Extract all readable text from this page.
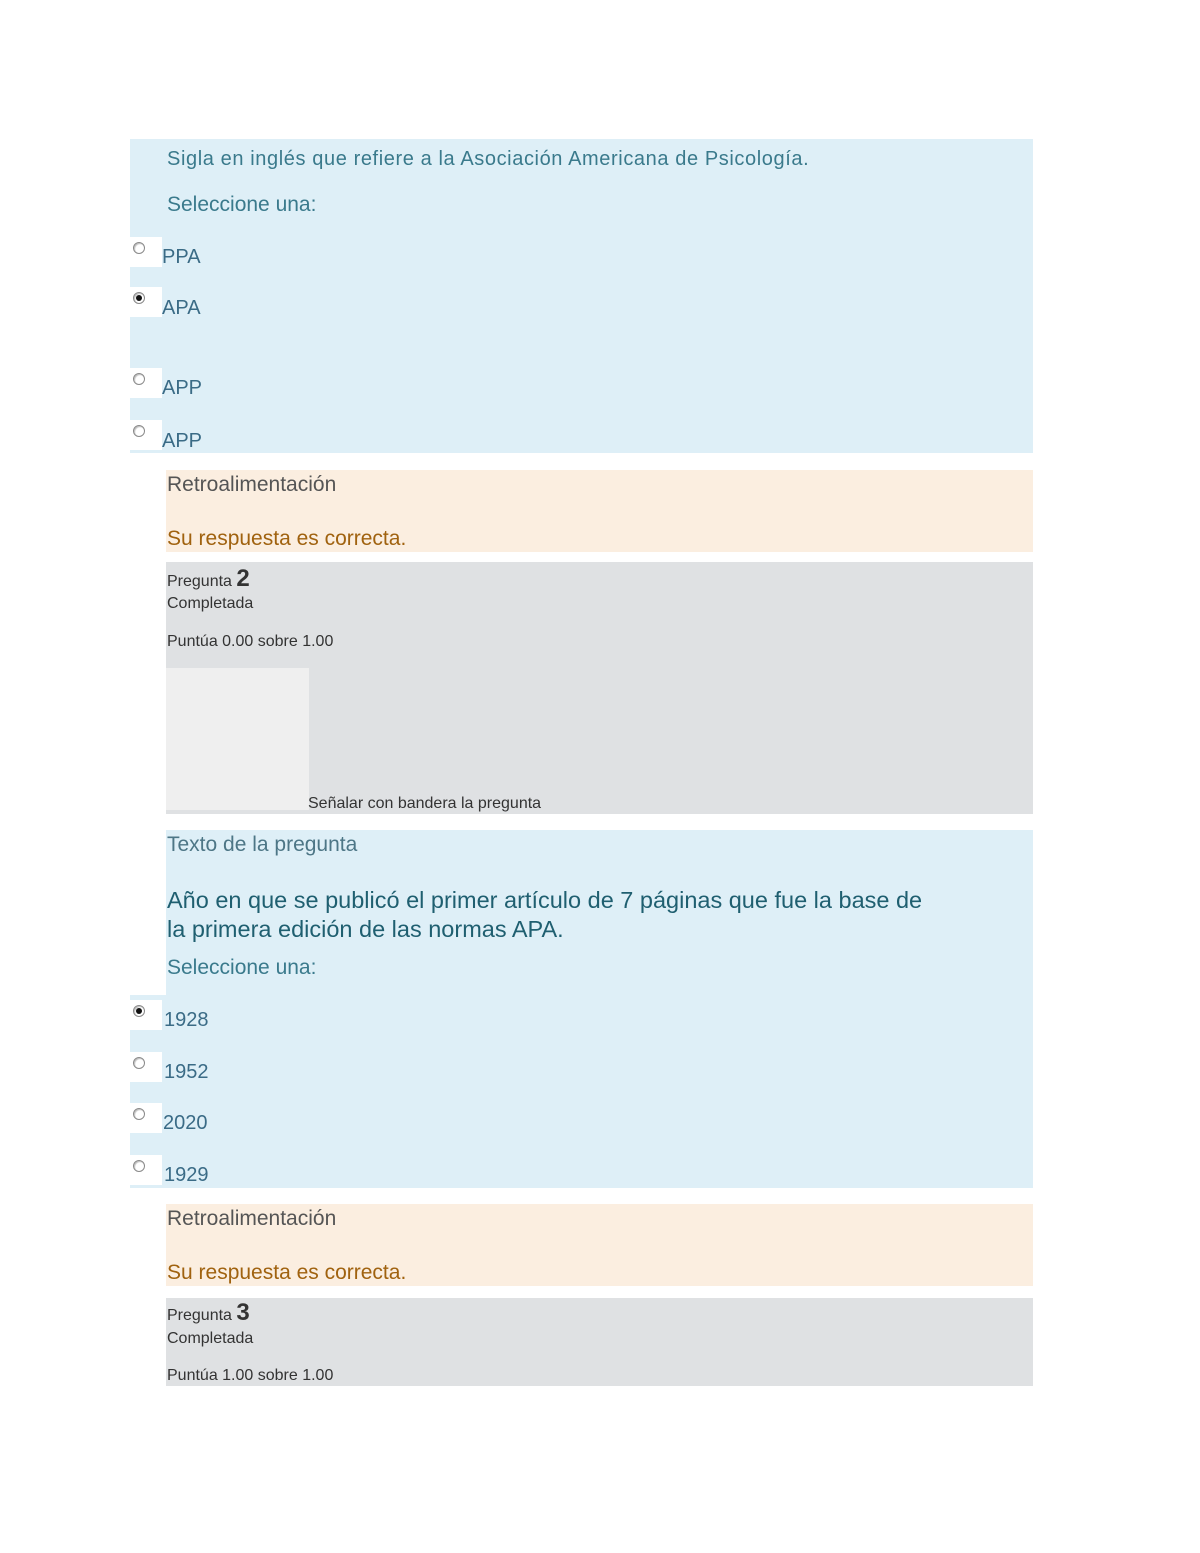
Sigla en inglés que refiere a la Asociación Americana de Psicología.
Seleccione una:
PPA
APA
APP
APP
Retroalimentación
Su respuesta es correcta.
Pregunta 2
Completada
Puntúa 0.00 sobre 1.00
Señalar con bandera la pregunta
Texto de la pregunta
Año en que se publicó el primer artículo de 7 páginas que fue la base de
la primera edición de las normas APA.
Seleccione una:
1928
1952
2020
1929
Retroalimentación
Su respuesta es correcta.
Pregunta 3
Completada
Puntúa 1.00 sobre 1.00
